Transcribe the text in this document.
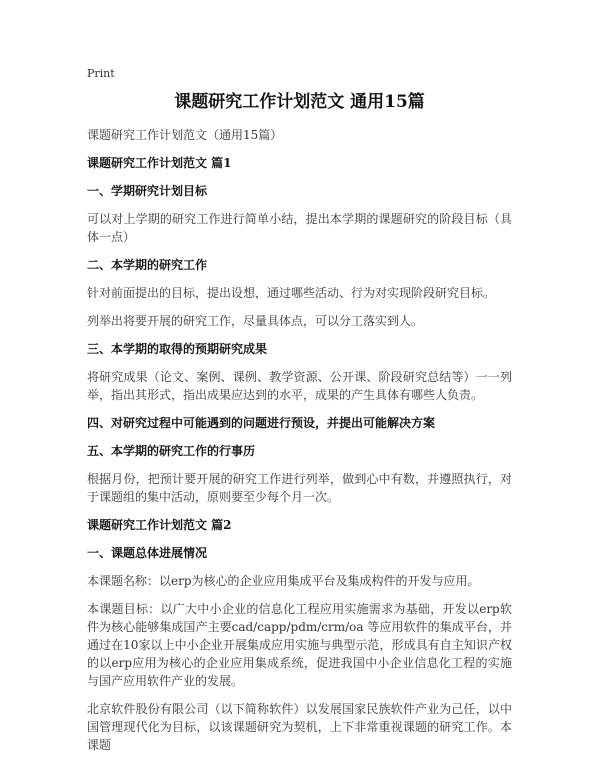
Print
课题研究工作计划范文 通用15篇

课题研究工作计划范文（通用15篇）

课题研究工作计划范文 篇1
一、学期研究计划目标

可以对上学期的研究工作进行简单小结，提出本学期的课题研究的阶段目标（具体一点）

二、本学期的研究工作

针对前面提出的目标，提出设想，通过哪些活动、行为对实现阶段研究目标。

列举出将要开展的研究工作，尽量具体点，可以分工落实到人。

三、本学期的取得的预期研究成果

将研究成果（论文、案例、课例、教学资源、公开课、阶段研究总结等）一一列举，指出其形式，指出成果应达到的水平，成果的产生具体有哪些人负责。

四、对研究过程中可能遇到的问题进行预设，并提出可能解决方案
五、本学期的研究工作的行事历

根据月份，把预计要开展的研究工作进行列举，做到心中有数，并遵照执行，对于课题组的集中活动，原则要至少每个月一次。

课题研究工作计划范文 篇2
一、课题总体进展情况

本课题名称：以erp为核心的企业应用集成平台及集成构件的开发与应用。

本课题目标：以广大中小企业的信息化工程应用实施需求为基础，开发以erp软件为核心能够集成国产主要cad/capp/pdm/crm/oa 等应用软件的集成平台，并通过在10家以上中小企业开展集成应用实施与典型示范，形成具有自主知识产权的以erp应用为核心的企业应用集成系统，促进我国中小企业信息化工程的实施与国产应用软件产业的发展。

北京软件股份有限公司（以下简称软件）以发展国家民族软件产业为己任，以中国管理现代化为目标，以该课题研究为契机，上下非常重视课题的研究工作。本课题
